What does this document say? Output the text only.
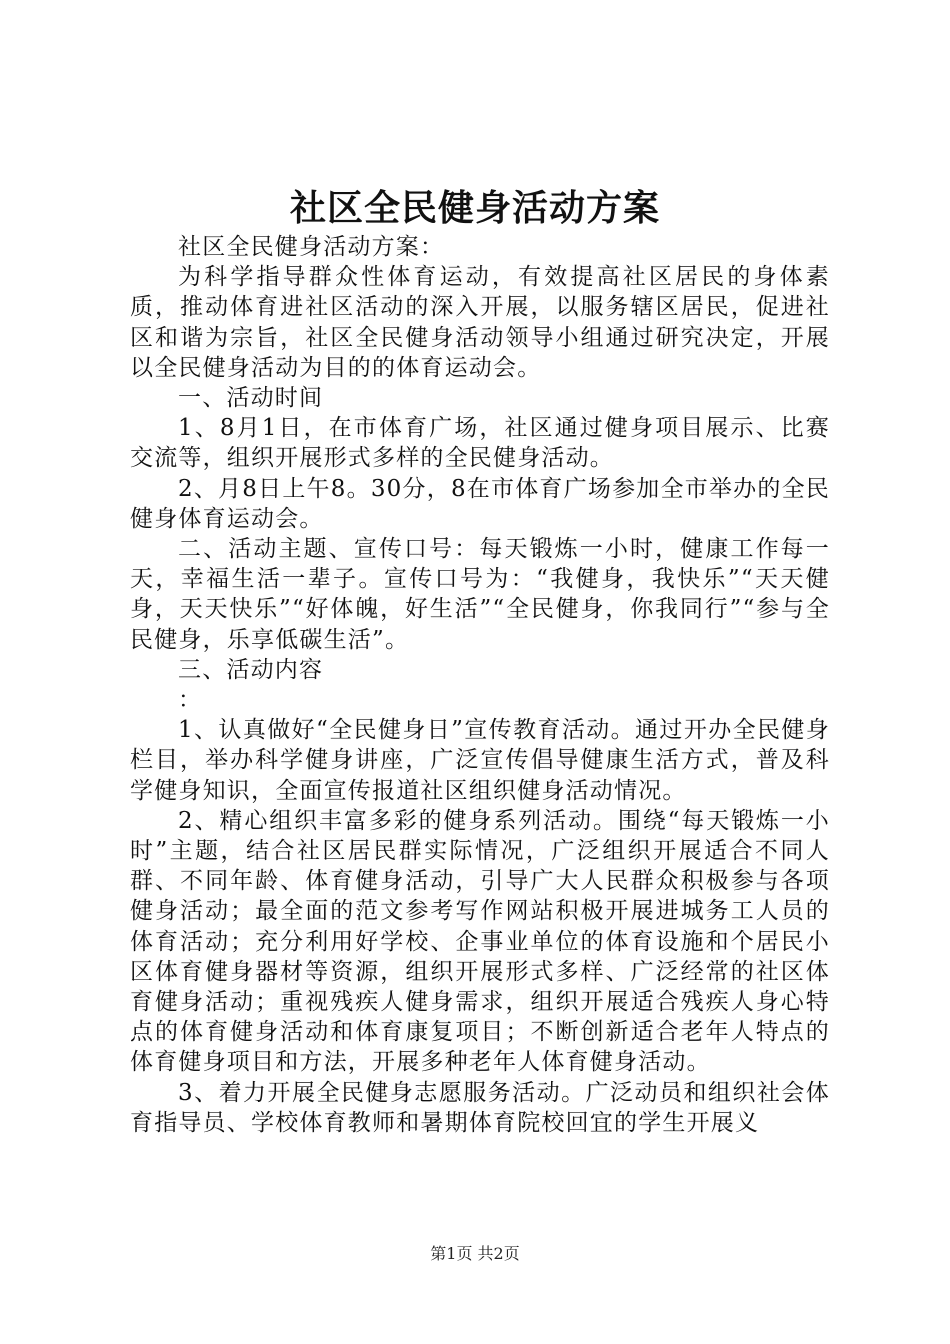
社区全民健身活动方案

社区全民健身活动方案：

为科学指导群众性体育运动，有效提高社区居民的身体素质，推动体育进社区活动的深入开展，以服务辖区居民，促进社区和谐为宗旨，社区全民健身活动领导小组通过研究决定，开展以全民健身活动为目的的体育运动会。

一、活动时间

1、8月1日，在市体育广场，社区通过健身项目展示、比赛交流等，组织开展形式多样的全民健身活动。

2、月8日上午8。30分，8在市体育广场参加全市举办的全民健身体育运动会。

二、活动主题、宣传口号：每天锻炼一小时，健康工作每一天，幸福生活一辈子。宣传口号为：“我健身，我快乐”“天天健身，天天快乐”“好体魄，好生活”“全民健身，你我同行”“参与全民健身，乐享低碳生活”。

三、活动内容

：

1、认真做好“全民健身日”宣传教育活动。通过开办全民健身栏目，举办科学健身讲座，广泛宣传倡导健康生活方式，普及科学健身知识，全面宣传报道社区组织健身活动情况。

2、精心组织丰富多彩的健身系列活动。围绕“每天锻炼一小时”主题，结合社区居民群实际情况，广泛组织开展适合不同人群、不同年龄、体育健身活动，引导广大人民群众积极参与各项健身活动；最全面的范文参考写作网站积极开展进城务工人员的体育活动；充分利用好学校、企事业单位的体育设施和个居民小区体育健身器材等资源，组织开展形式多样、广泛经常的社区体育健身活动；重视残疾人健身需求，组织开展适合残疾人身心特点的体育健身活动和体育康复项目；不断创新适合老年人特点的体育健身项目和方法，开展多种老年人体育健身活动。

3、着力开展全民健身志愿服务活动。广泛动员和组织社会体育指导员、学校体育教师和暑期体育院校回宜的学生开展义

第1页 共2页
